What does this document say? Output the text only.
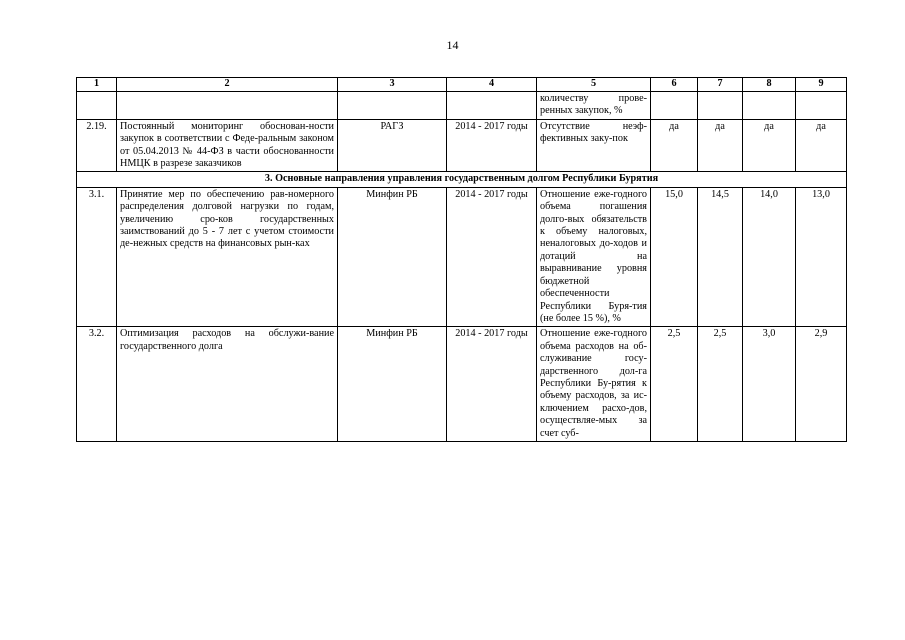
14
1	2	3	4	5	6	7	8	9
				количеству прове-ренных закупок, %				
2.19.	Постоянный мониторинг обоснован-ности закупок в соответствии с Феде-ральным законом от 05.04.2013 № 44-ФЗ в части обоснованности НМЦК в разрезе заказчиков	РАГЗ	2014 - 2017 годы	Отсутствие неэф-фективных заку-пок	да	да	да	да
3. Основные направления управления государственным долгом Республики Бурятия								
3.1.	Принятие мер по обеспечению рав-номерного распределения долговой нагрузки по годам, увеличению сро-ков государственных заимствований до 5 - 7 лет с учетом стоимости де-нежных средств на финансовых рын-ках	Минфин РБ	2014 - 2017 годы	Отношение еже-годного объема погашения долго-вых обязательств к объему налоговых, неналоговых до-ходов и дотаций на выравнивание уровня бюджетной обеспеченности Республики Буря-тия (не более 15 %), %	15,0	14,5	14,0	13,0
3.2.	Оптимизация расходов на обслужи-вание государственного долга	Минфин РБ	2014 - 2017 годы	Отношение еже-годного объема расходов на об-служивание госу-дарственного дол-га Республики Бу-рятия к объему расходов, за ис-ключением расхо-дов, осуществляе-мых за счет суб-	2,5	2,5	3,0	2,9
